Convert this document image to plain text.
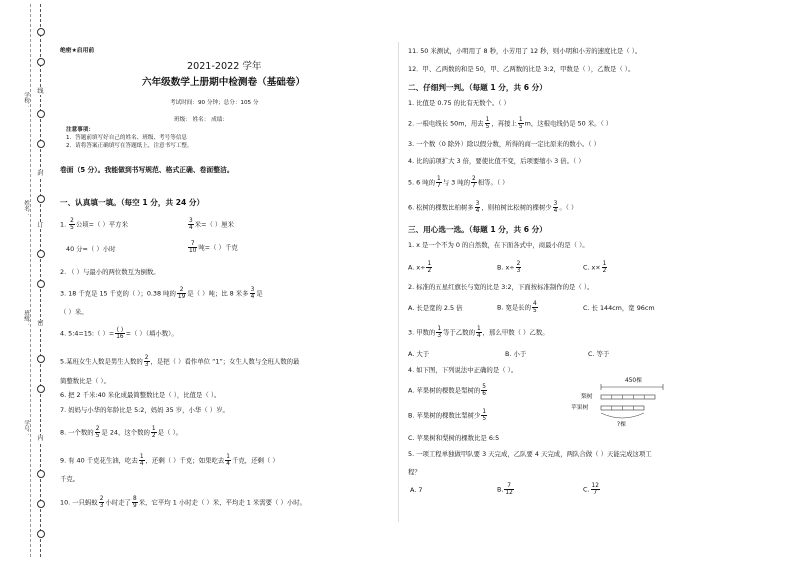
线
封
订
密
内
学校：
姓名：
班级：
学号：
绝密★启用前
2021-2022 学年
六年级数学上册期中检测卷（基础卷）
考试时间：90 分钟；总分：105 分
班级： 姓名： 成绩：
注意事项：
1．答题前填写好自己的姓名、班级、考号等信息
2．请将答案正确填写在答题纸上，注意书写工整。
卷面（5 分）。我能做到书写规范、格式正确、卷面整洁。
一、认真填一填。（每空 1 分，共 24 分）
1. $\frac{2}{5}$ 公顷=（ ）平方米	$\frac{3}{4}$ 米=（ ）厘米
40 分=（ ）小时	$\frac{7}{10}$ 吨=（ ）千克
2. （ ）与最小的两位数互为倒数。
3. 18 千克是 15 千克的（ ）；0.38 吨的 $\frac{2}{19}$ 是（ ）吨；比 8 米多 $\frac{3}{4}$ 是
（ ）米。
4. 5:4=15:（ ）= $\frac{( )}{16}$ =（ ）（填小数）。
5.某班女生人数是男生人数的 $\frac{2}{3}$ ，是把（ ）看作单位 “1”；女生人数与全班人数的最
简整数比是（ ）。
6. 把 2 千米:40 米化成最简整数比是（ ），比值是（ ）。
7. 妈妈与小华的年龄比是 5:2，妈妈 35 岁，小华（ ）岁。
8. 一个数的 $\frac{2}{5}$ 是 24，这个数的 $\frac{1}{2}$ 是（ ）。
9. 有 40 千克花生油，吃去 $\frac{1}{4}$ ，还剩（ ）千克；如果吃去 $\frac{1}{4}$ 千克，还剩（ ）
千克。
10. 一只蚂蚁 $\frac{2}{3}$ 小时走了 $\frac{8}{9}$ 米，它平均 1 小时走（ ）米，平均走 1 米需要（ ）小时。
11. 50 米测试，小明用了 8 秒，小芳用了 12 秒，则小明和小芳的速度比是（ ）。
12．甲、乙两数的和是 50，甲、乙两数的比是 3:2，甲数是（ ），乙数是（ ）。
二、仔细判一判。（每题 1 分，共 6 分）
1. 比值是 0.75 的比有无数个。（ ）
2. 一根电线长 50m，用去 $\frac{1}{5}$ ，再接上 $\frac{1}{5}$ m，这根电线仍是 50 米。（ ）
3. 一个数（0 除外）除以假分数，所得的商一定比原来的数小。（ ）
4. 比的前项扩大 3 倍，要使比值不变，后项要缩小 3 倍。（ ）
5. 6 吨的 $\frac{1}{7}$ 与 3 吨的 $\frac{2}{7}$ 相等。（ ）
6. 松树的棵数比柏树多 $\frac{3}{4}$ ，则柏树比松树的棵树少 $\frac{3}{4}$ 。（ ）
三、用心选一选。（每题 1 分，共 6 分）
1. x 是一个不为 0 的自然数，在下面各式中，商最小的是（ ）。
A. $x\div \frac{1}{2}$	B. $x\div \frac{2}{3}$	C. $x\times \frac{1}{2}$
2. 标准的五星红旗长与宽的比是 3:2，下面按标准制作的是（ ）。
A. 长是宽的 2.5 倍	B. 宽是长的 $\frac{4}{5}$	C. 长 144cm，宽 96cm
3. 甲数的 $\frac{1}{3}$ 等于乙数的 $\frac{1}{4}$ ，那么甲数（ ）乙数。
A. 大于	B. 小于	C. 等于
4. 如下图，下列说法中正确的是（ ）。
A. 苹果树的棵数是梨树的 $\frac{5}{6}$
B. 苹果树的棵数比梨树少 $\frac{1}{5}$
C. 苹果树和梨树的棵数比是 6:5
450棵
梨树
苹果树
?棵
5. 一项工程单独做甲队要 3 天完成，乙队要 4 天完成，两队合做（ ）天能完成这项工
程？
A. 7	B. $\frac{7}{12}$	C. $\frac{12}{7}$
